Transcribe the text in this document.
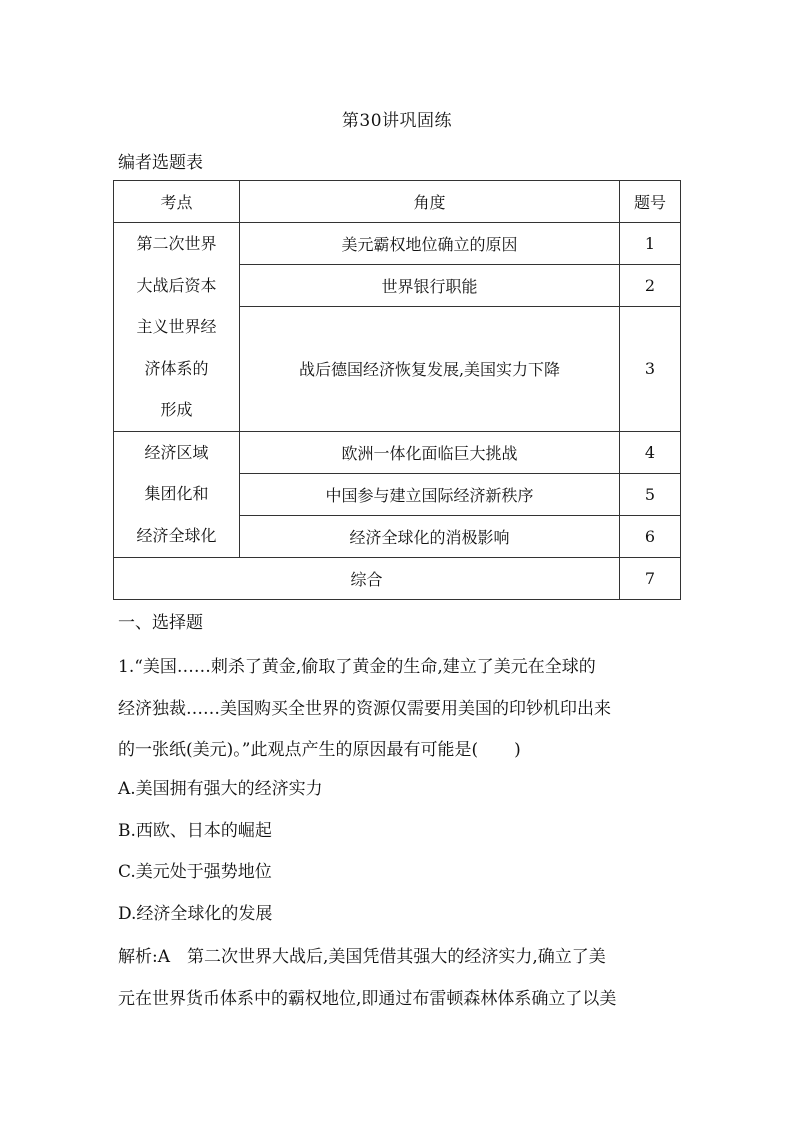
第30讲巩固练
编者选题表
考点	角度	题号

第二次世界
大战后资本
主义世界经
济体系的
形成	美元霸权地位确立的原因	1
	世界银行职能	2
	战后德国经济恢复发展,美国实力下降	3

经济区域
集团化和
经济全球化	欧洲一体化面临巨大挑战	4
	中国参与建立国际经济新秩序	5
	经济全球化的消极影响	6
综合		7
一、选择题
1.“美国……刺杀了黄金,偷取了黄金的生命,建立了美元在全球的
经济独裁……美国购买全世界的资源仅需要用美国的印钞机印出来
的一张纸(美元)。”此观点产生的原因最有可能是( )
A.美国拥有强大的经济实力
B.西欧、日本的崛起
C.美元处于强势地位
D.经济全球化的发展
解析:A　第二次世界大战后,美国凭借其强大的经济实力,确立了美
元在世界货币体系中的霸权地位,即通过布雷顿森林体系确立了以美
